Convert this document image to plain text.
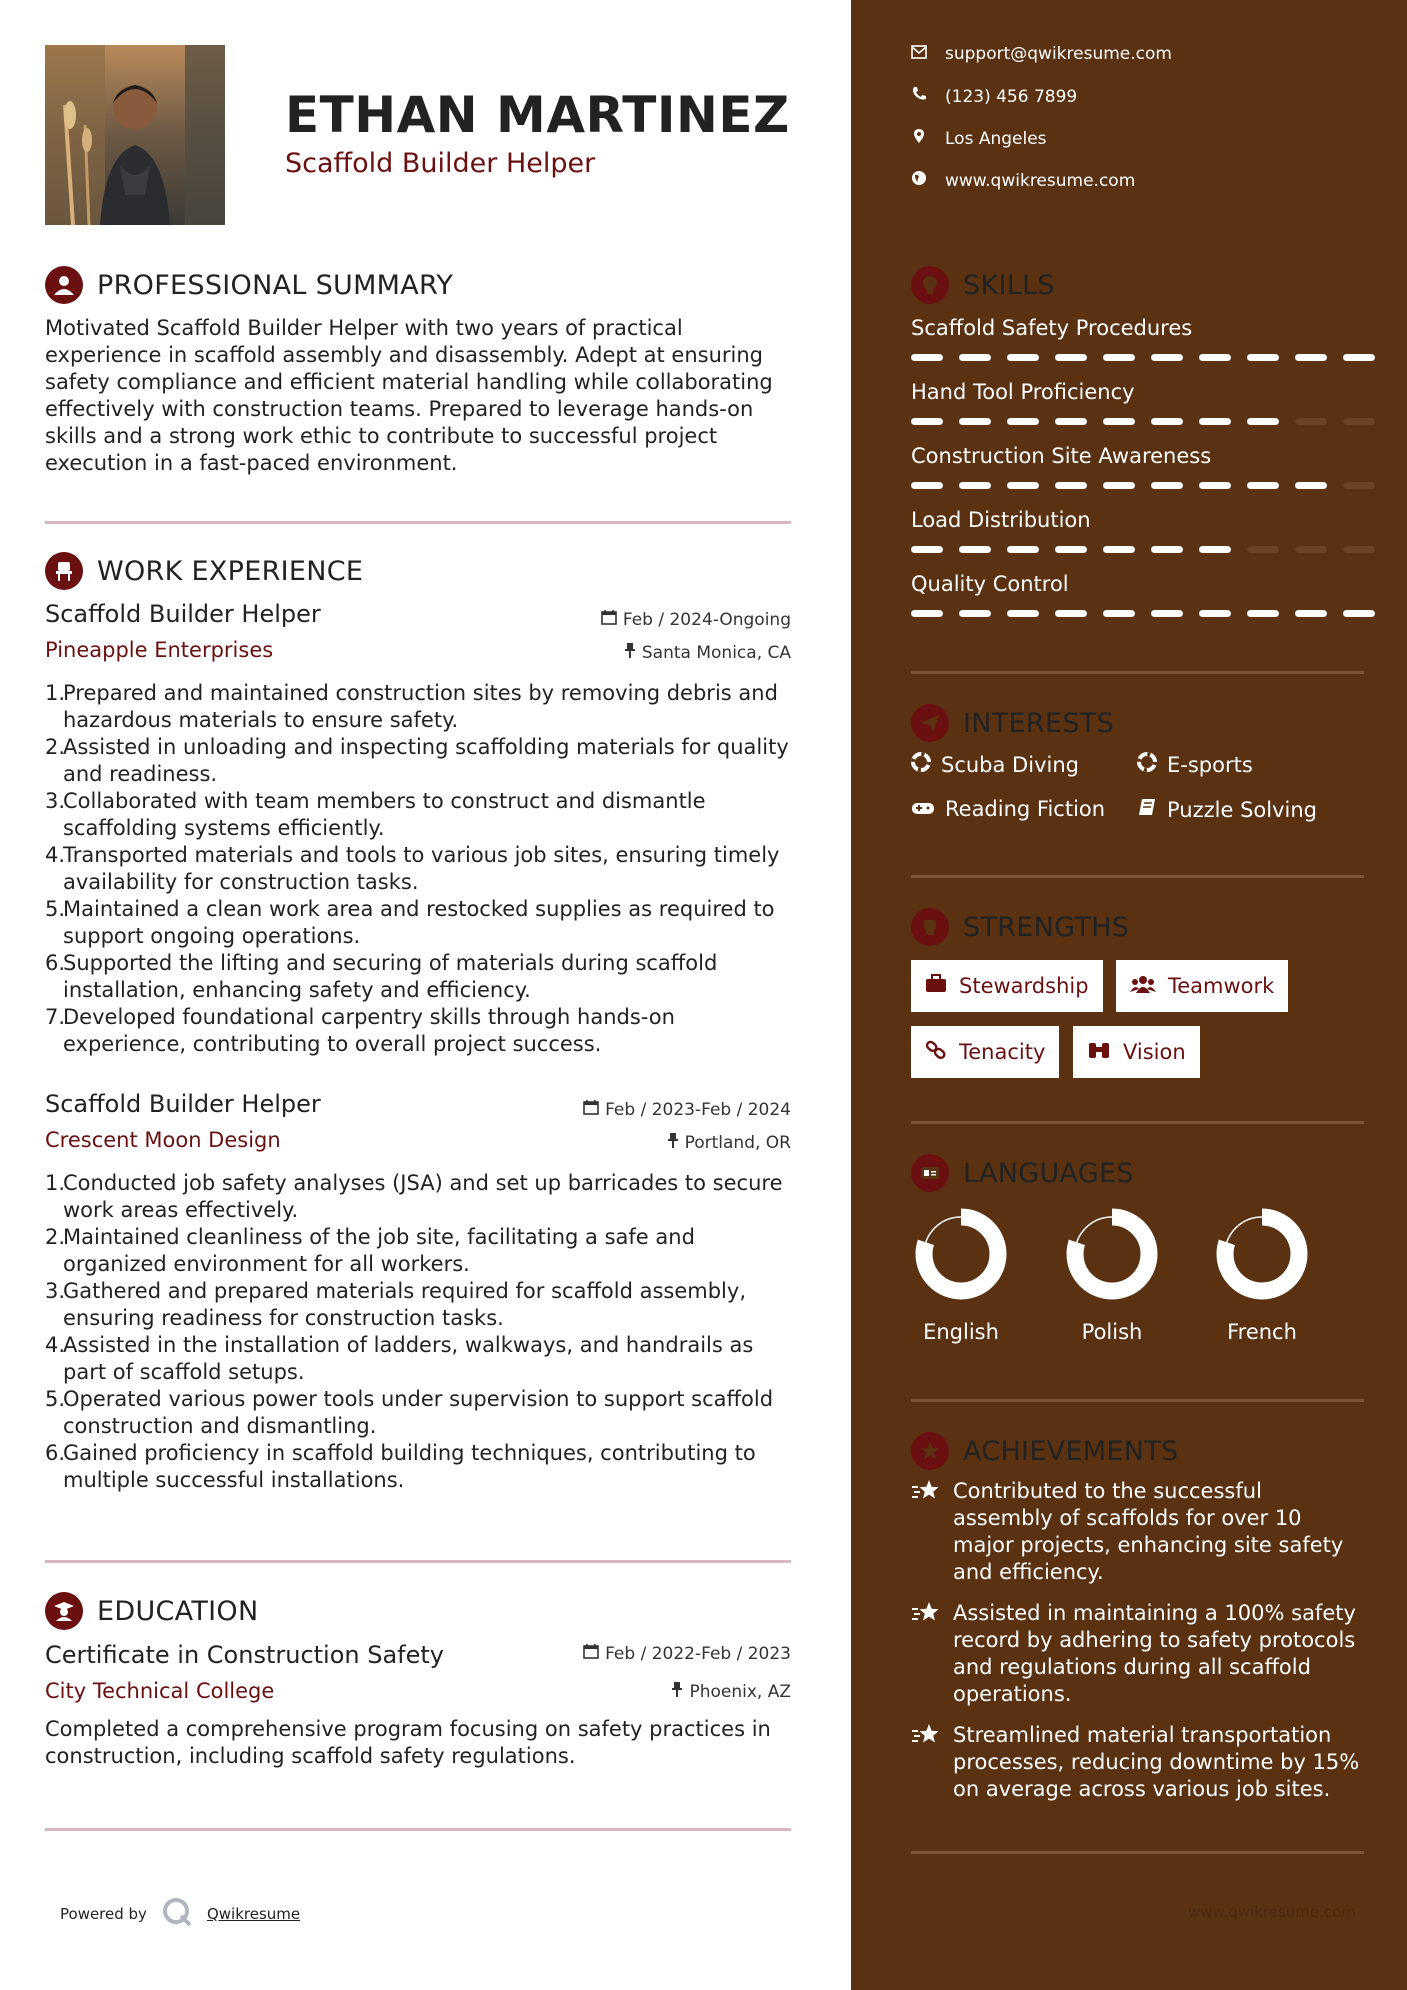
ETHAN MARTINEZ
Scaffold Builder Helper
PROFESSIONAL SUMMARY
Motivated Scaffold Builder Helper with two years of practical experience in scaffold assembly and disassembly. Adept at ensuring safety compliance and efficient material handling while collaborating effectively with construction teams. Prepared to leverage hands-on skills and a strong work ethic to contribute to successful project execution in a fast-paced environment.
WORK EXPERIENCE
Scaffold Builder Helper
Pineapple Enterprises
Feb / 2024-Ongoing
Santa Monica, CA
1.
Prepared and maintained construction sites by removing debris and hazardous materials to ensure safety.
2.
Assisted in unloading and inspecting scaffolding materials for quality and readiness.
3.
Collaborated with team members to construct and dismantle scaffolding systems efficiently.
4.
Transported materials and tools to various job sites, ensuring timely availability for construction tasks.
5.
Maintained a clean work area and restocked supplies as required to support ongoing operations.
6.
Supported the lifting and securing of materials during scaffold installation, enhancing safety and efficiency.
7.
Developed foundational carpentry skills through hands-on experience, contributing to overall project success.
Scaffold Builder Helper
Crescent Moon Design
Feb / 2023-Feb / 2024
Portland, OR
1.
Conducted job safety analyses (JSA) and set up barricades to secure work areas effectively.
2.
Maintained cleanliness of the job site, facilitating a safe and organized environment for all workers.
3.
Gathered and prepared materials required for scaffold assembly, ensuring readiness for construction tasks.
4.
Assisted in the installation of ladders, walkways, and handrails as part of scaffold setups.
5.
Operated various power tools under supervision to support scaffold construction and dismantling.
6.
Gained proficiency in scaffold building techniques, contributing to multiple successful installations.
EDUCATION
Certificate in Construction Safety
City Technical College
Feb / 2022-Feb / 2023
Phoenix, AZ
Completed a comprehensive program focusing on safety practices in construction, including scaffold safety regulations.
Powered by	Qwikresume
support@qwikresume.com
(123) 456 7899
Los Angeles
www.qwikresume.com
SKILLS
Scaffold Safety Procedures
Hand Tool Proficiency
Construction Site Awareness
Load Distribution
Quality Control
INTERESTS
Scuba Diving	E-sports
Reading Fiction	Puzzle Solving
STRENGTHS
Stewardship	Teamwork
Tenacity	Vision
LANGUAGES
English	Polish	French
ACHIEVEMENTS
Contributed to the successful assembly of scaffolds for over 10 major projects, enhancing site safety and efficiency.
Assisted in maintaining a 100% safety record by adhering to safety protocols and regulations during all scaffold operations.
Streamlined material transportation processes, reducing downtime by 15% on average across various job sites.
www.qwikresume.com
